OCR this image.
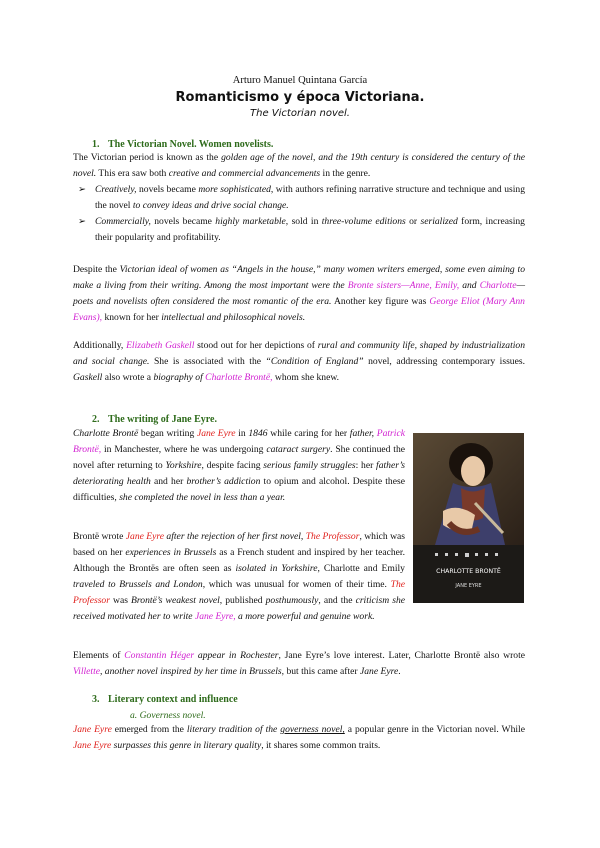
Arturo Manuel Quintana García
Romanticismo y época Victoriana.
The Victorian novel.
1. The Victorian Novel. Women novelists.
The Victorian period is known as the golden age of the novel, and the 19th century is considered the century of the novel. This era saw both creative and commercial advancements in the genre.
➢ Creatively, novels became more sophisticated, with authors refining narrative structure and technique and using the novel to convey ideas and drive social change.
➢ Commercially, novels became highly marketable, sold in three-volume editions or serialized form, increasing their popularity and profitability.
Despite the Victorian ideal of women as “Angels in the house,” many women writers emerged, some even aiming to make a living from their writing. Among the most important were the Bronte sisters—Anne, Emily, and Charlotte—poets and novelists often considered the most romantic of the era. Another key figure was George Eliot (Mary Ann Evans), known for her intellectual and philosophical novels.
Additionally, Elizabeth Gaskell stood out for her depictions of rural and community life, shaped by industrialization and social change. She is associated with the “Condition of England” novel, addressing contemporary issues. Gaskell also wrote a biography of Charlotte Brontë, whom she knew.
2. The writing of Jane Eyre.
Charlotte Brontë began writing Jane Eyre in 1846 while caring for her father, Patrick Brontë, in Manchester, where he was undergoing cataract surgery. She continued the novel after returning to Yorkshire, despite facing serious family struggles: her father’s deteriorating health and her brother’s addiction to opium and alcohol. Despite these difficulties, she completed the novel in less than a year.
Brontë wrote Jane Eyre after the rejection of her first novel, The Professor, which was based on her experiences in Brussels as a French student and inspired by her teacher. Although the Brontës are often seen as isolated in Yorkshire, Charlotte and Emily traveled to Brussels and London, which was unusual for women of their time. The Professor was Brontë’s weakest novel, published posthumously, and the criticism she received motivated her to write Jane Eyre, a more powerful and genuine work.
CHARLOTTE BRONTË
JANE EYRE
Elements of Constantin Héger appear in Rochester, Jane Eyre’s love interest. Later, Charlotte Brontë also wrote Villette, another novel inspired by her time in Brussels, but this came after Jane Eyre.
3. Literary context and influence
a. Governess novel.
Jane Eyre emerged from the literary tradition of the governess novel, a popular genre in the Victorian novel. While Jane Eyre surpasses this genre in literary quality, it shares some common traits.
